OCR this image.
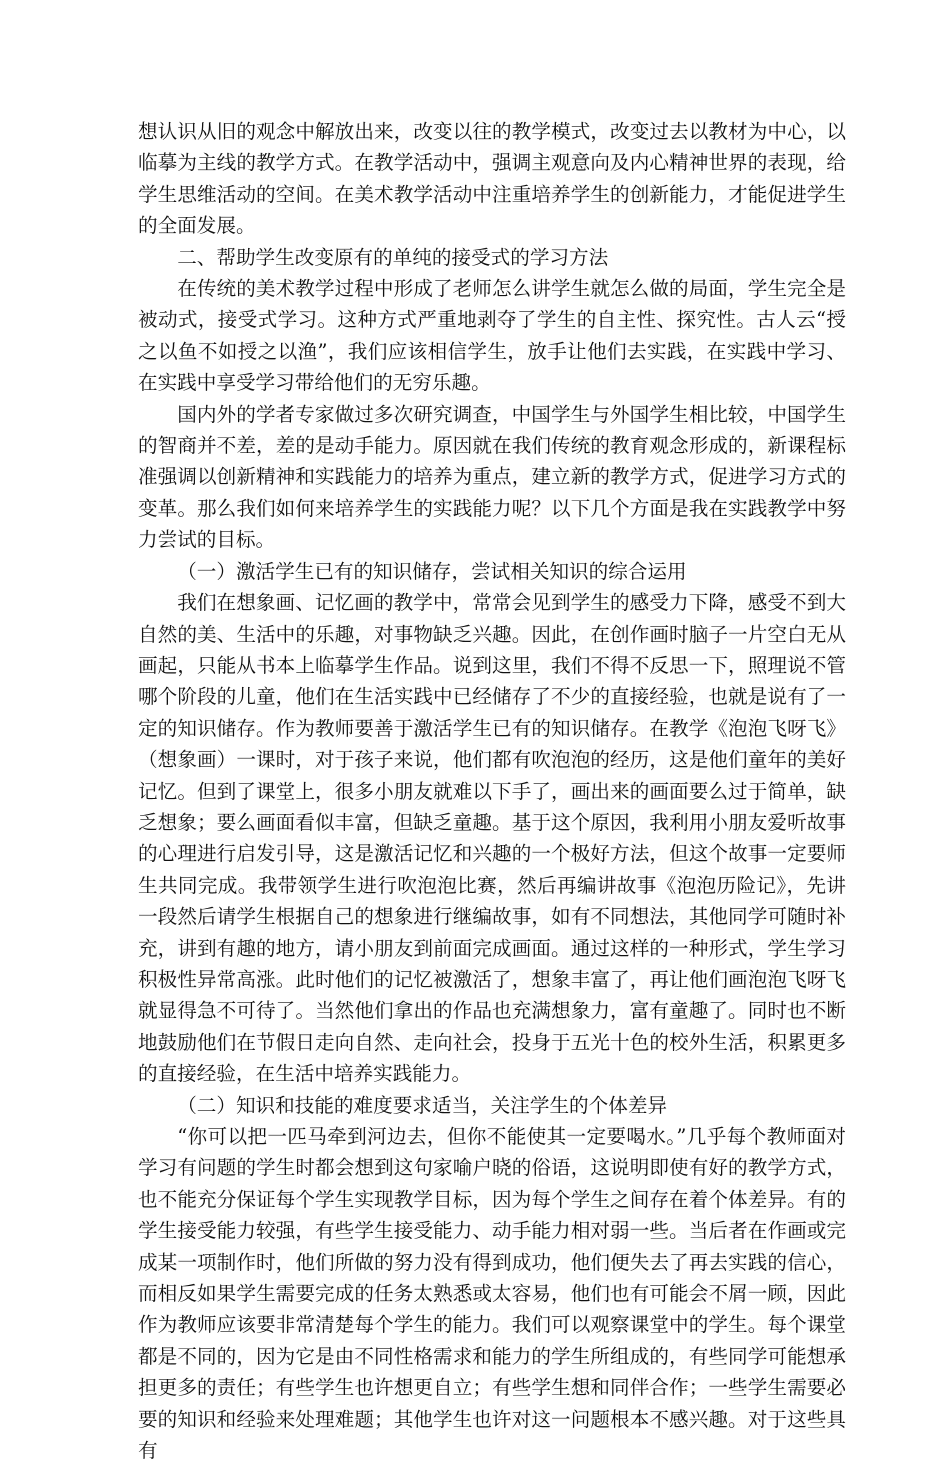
想认识从旧的观念中解放出来，改变以往的教学模式，改变过去以教材为中心，以临摹为主线的教学方式。在教学活动中，强调主观意向及内心精神世界的表现，给学生思维活动的空间。在美术教学活动中注重培养学生的创新能力，才能促进学生的全面发展。

二、帮助学生改变原有的单纯的接受式的学习方法

在传统的美术教学过程中形成了老师怎么讲学生就怎么做的局面，学生完全是被动式，接受式学习。这种方式严重地剥夺了学生的自主性、探究性。古人云“授之以鱼不如授之以渔”，我们应该相信学生，放手让他们去实践，在实践中学习、在实践中享受学习带给他们的无穷乐趣。

国内外的学者专家做过多次研究调查，中国学生与外国学生相比较，中国学生的智商并不差，差的是动手能力。原因就在我们传统的教育观念形成的，新课程标准强调以创新精神和实践能力的培养为重点，建立新的教学方式，促进学习方式的变革。那么我们如何来培养学生的实践能力呢？以下几个方面是我在实践教学中努力尝试的目标。

（一）激活学生已有的知识储存，尝试相关知识的综合运用

我们在想象画、记忆画的教学中，常常会见到学生的感受力下降，感受不到大自然的美、生活中的乐趣，对事物缺乏兴趣。因此，在创作画时脑子一片空白无从画起，只能从书本上临摹学生作品。说到这里，我们不得不反思一下，照理说不管哪个阶段的儿童，他们在生活实践中已经储存了不少的直接经验，也就是说有了一定的知识储存。作为教师要善于激活学生已有的知识储存。在教学《泡泡飞呀飞》（想象画）一课时，对于孩子来说，他们都有吹泡泡的经历，这是他们童年的美好记忆。但到了课堂上，很多小朋友就难以下手了，画出来的画面要么过于简单，缺乏想象；要么画面看似丰富，但缺乏童趣。基于这个原因，我利用小朋友爱听故事的心理进行启发引导，这是激活记忆和兴趣的一个极好方法，但这个故事一定要师生共同完成。我带领学生进行吹泡泡比赛，然后再编讲故事《泡泡历险记》，先讲一段然后请学生根据自己的想象进行继编故事，如有不同想法，其他同学可随时补充，讲到有趣的地方，请小朋友到前面完成画面。通过这样的一种形式，学生学习积极性异常高涨。此时他们的记忆被激活了，想象丰富了，再让他们画泡泡飞呀飞就显得急不可待了。当然他们拿出的作品也充满想象力，富有童趣了。同时也不断地鼓励他们在节假日走向自然、走向社会，投身于五光十色的校外生活，积累更多的直接经验，在生活中培养实践能力。

（二）知识和技能的难度要求适当，关注学生的个体差异

“你可以把一匹马牵到河边去，但你不能使其一定要喝水。”几乎每个教师面对学习有问题的学生时都会想到这句家喻户晓的俗语，这说明即使有好的教学方式，也不能充分保证每个学生实现教学目标，因为每个学生之间存在着个体差异。有的学生接受能力较强，有些学生接受能力、动手能力相对弱一些。当后者在作画或完成某一项制作时，他们所做的努力没有得到成功，他们便失去了再去实践的信心，而相反如果学生需要完成的任务太熟悉或太容易，他们也有可能会不屑一顾，因此作为教师应该要非常清楚每个学生的能力。我们可以观察课堂中的学生。每个课堂都是不同的，因为它是由不同性格需求和能力的学生所组成的，有些同学可能想承担更多的责任；有些学生也许想更自立；有些学生想和同伴合作；一些学生需要必要的知识和经验来处理难题；其他学生也许对这一问题根本不感兴趣。对于这些具有
